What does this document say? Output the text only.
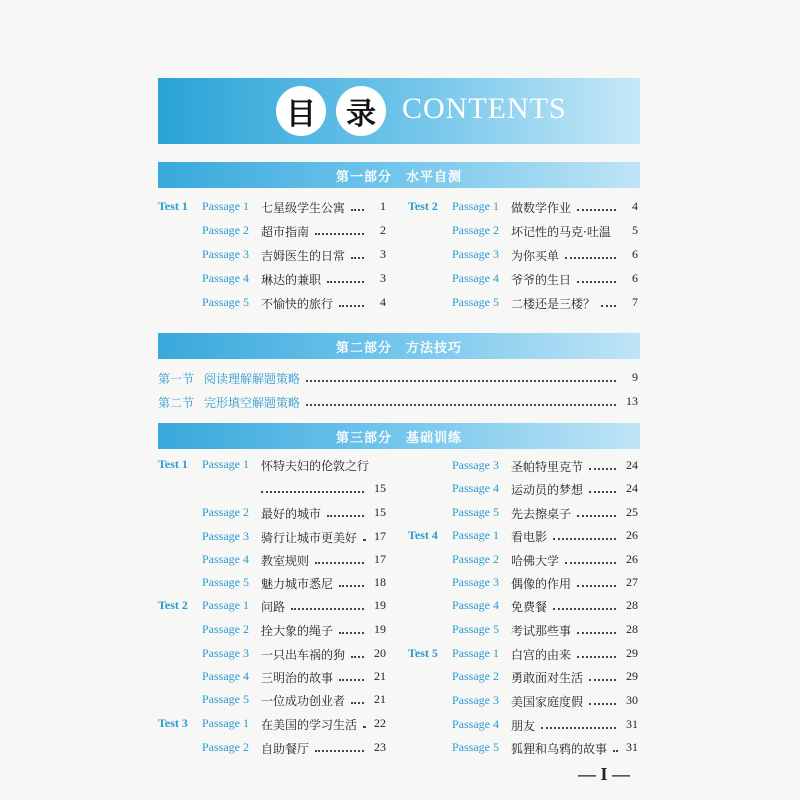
目	录 CONTENTS
第一部分　水平自测
Test 1 Passage 1 七星级学生公寓	1
Passage 2 超市指南	2
Passage 3 吉姆医生的日常	3
Passage 4 琳达的兼职	3
Passage 5 不愉快的旅行	4
Test 2 Passage 1 做数学作业	4
Passage 2 坏记性的马克·吐温	5
Passage 3 为你买单	6
Passage 4 爷爷的生日	6
Passage 5 二楼还是三楼？	7
第二部分　方法技巧
第一节 阅读理解解题策略	9
第二节 完形填空解题策略	13
第三部分　基础训练
Test 1 Passage 1 怀特夫妇的伦敦之行
15
Passage 2 最好的城市	15
Passage 3 骑行让城市更美好	17
Passage 4 教室规则	17
Passage 5 魅力城市悉尼	18
Test 2 Passage 1 问路	19
Passage 2 拴大象的绳子	19
Passage 3 一只出车祸的狗	20
Passage 4 三明治的故事	21
Passage 5 一位成功创业者	21
Test 3 Passage 1 在美国的学习生活	22
Passage 2 自助餐厅	23
Passage 3 圣帕特里克节	24
Passage 4 运动员的梦想	24
Passage 5 先去擦桌子	25
Test 4 Passage 1 看电影	26
Passage 2 哈佛大学	26
Passage 3 偶像的作用	27
Passage 4 免费餐	28
Passage 5 考试那些事	28
Test 5 Passage 1 白宫的由来	29
Passage 2 勇敢面对生活	29
Passage 3 美国家庭度假	30
Passage 4 朋友	31
Passage 5 狐狸和乌鸦的故事	31
— I —
